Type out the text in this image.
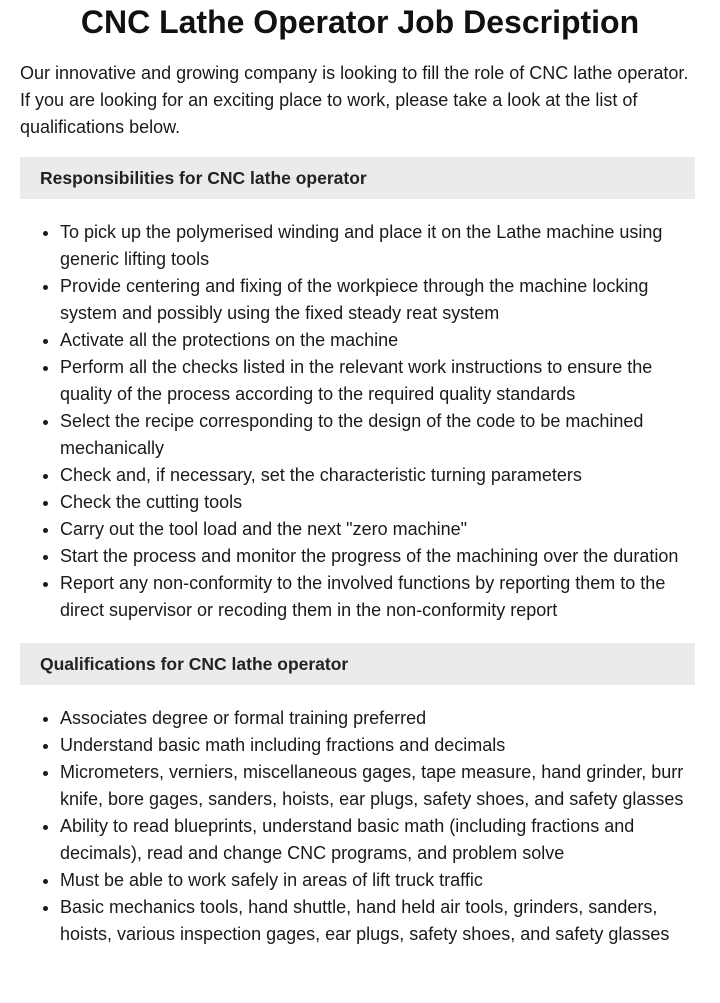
CNC Lathe Operator Job Description

Our innovative and growing company is looking to fill the role of CNC lathe operator. If you are looking for an exciting place to work, please take a look at the list of qualifications below.

Responsibilities for CNC lathe operator
• To pick up the polymerised winding and place it on the Lathe machine using generic lifting tools
• Provide centering and fixing of the workpiece through the machine locking system and possibly using the fixed steady reat system
• Activate all the protections on the machine
• Perform all the checks listed in the relevant work instructions to ensure the quality of the process according to the required quality standards
• Select the recipe corresponding to the design of the code to be machined mechanically
• Check and, if necessary, set the characteristic turning parameters
• Check the cutting tools
• Carry out the tool load and the next "zero machine"
• Start the process and monitor the progress of the machining over the duration
• Report any non-conformity to the involved functions by reporting them to the direct supervisor or recoding them in the non-conformity report
Qualifications for CNC lathe operator
• Associates degree or formal training preferred
• Understand basic math including fractions and decimals
• Micrometers, verniers, miscellaneous gages, tape measure, hand grinder, burr knife, bore gages, sanders, hoists, ear plugs, safety shoes, and safety glasses
• Ability to read blueprints, understand basic math (including fractions and decimals), read and change CNC programs, and problem solve
• Must be able to work safely in areas of lift truck traffic
• Basic mechanics tools, hand shuttle, hand held air tools, grinders, sanders, hoists, various inspection gages, ear plugs, safety shoes, and safety glasses
